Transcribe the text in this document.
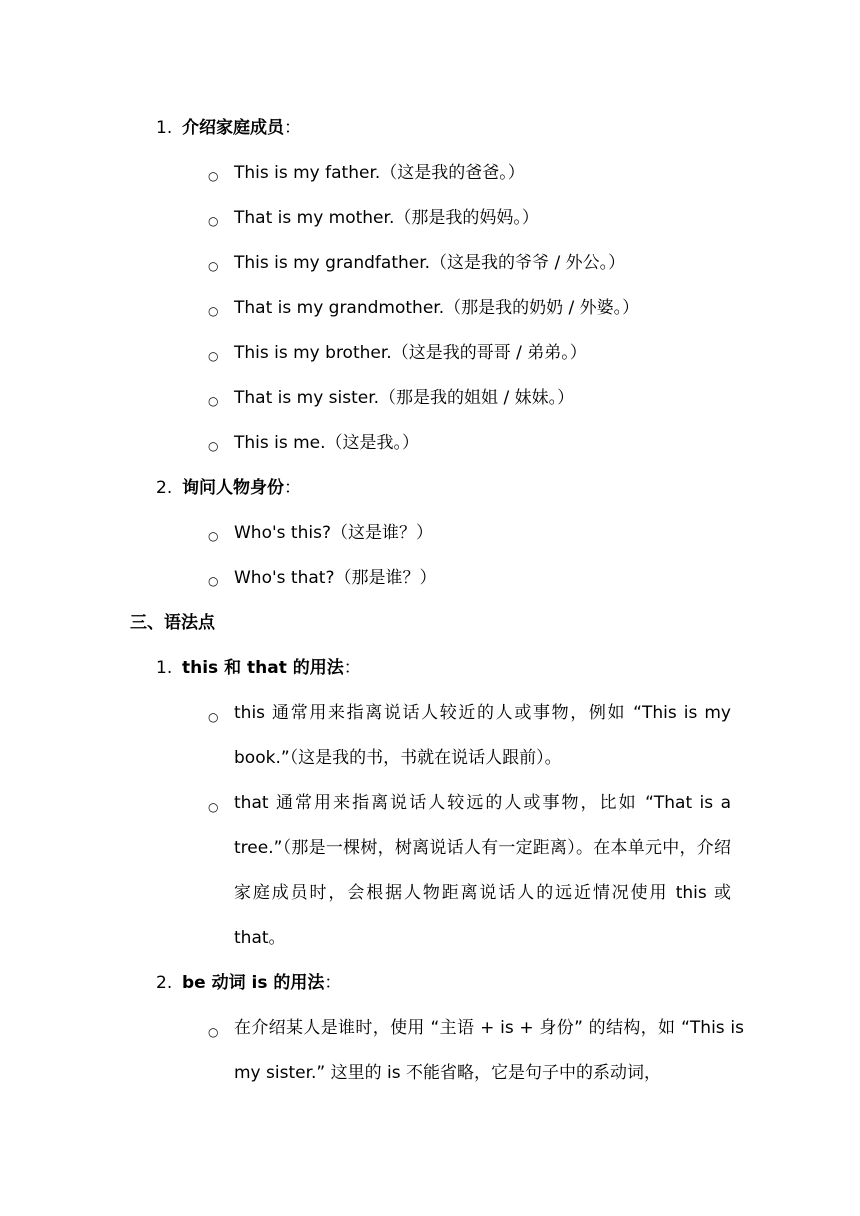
1. 介绍家庭成员：
○ This is my father.（这是我的爸爸。）
○ That is my mother.（那是我的妈妈。）
○ This is my grandfather.（这是我的爷爷 / 外公。）
○ That is my grandmother.（那是我的奶奶 / 外婆。）
○ This is my brother.（这是我的哥哥 / 弟弟。）
○ That is my sister.（那是我的姐姐 / 妹妹。）
○ This is me.（这是我。）
2. 询问人物身份：
○ Who's this?（这是谁？）
○ Who's that?（那是谁？）
三、语法点
1. this 和 that 的用法：
○ this 通常用来指离说话人较近的人或事物，例如 “This is my book.”（这是我的书，书就在说话人跟前）。
○ that 通常用来指离说话人较远的人或事物，比如 “That is a tree.”（那是一棵树，树离说话人有一定距离）。在本单元中，介绍家庭成员时，会根据人物距离说话人的远近情况使用 this 或 that。
2. be 动词 is 的用法：
○ 在介绍某人是谁时，使用 “主语 + is + 身份” 的结构，如 “This is my sister.” 这里的 is 不能省略，它是句子中的系动词，
